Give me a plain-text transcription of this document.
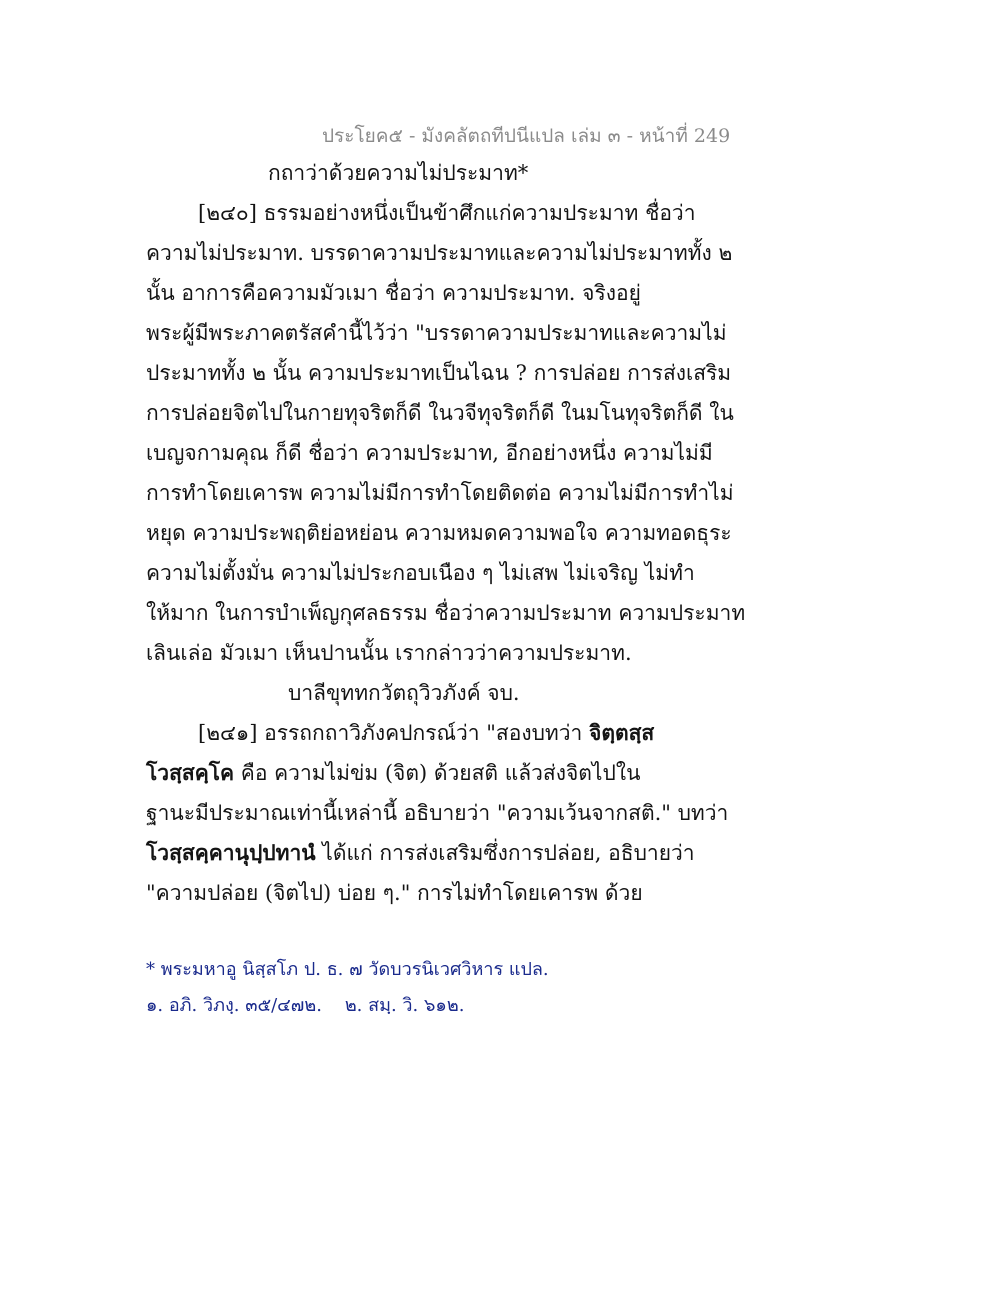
ประโยค๕ - มังคลัตถทีปนีแปล เล่ม ๓ - หน้าที่ 249
กถาว่าด้วยความไม่ประมาท*
[๒๔๐] ธรรมอย่างหนึ่งเป็นข้าศึกแก่ความประมาท ชื่อว่า
ความไม่ประมาท. บรรดาความประมาทและความไม่ประมาททั้ง ๒
นั้น อาการคือความมัวเมา ชื่อว่า ความประมาท. จริงอยู่
พระผู้มีพระภาคตรัสคำนี้ไว้ว่า "บรรดาความประมาทและความไม่
ประมาททั้ง ๒ นั้น ความประมาทเป็นไฉน ? การปล่อย การส่งเสริม
การปล่อยจิตไปในกายทุจริตก็ดี ในวจีทุจริตก็ดี ในมโนทุจริตก็ดี ใน
เบญจกามคุณ ก็ดี ชื่อว่า ความประมาท, อีกอย่างหนึ่ง ความไม่มี
การทำโดยเคารพ ความไม่มีการทำโดยติดต่อ ความไม่มีการทำไม่
หยุด ความประพฤติย่อหย่อน ความหมดความพอใจ ความทอดธุระ
ความไม่ตั้งมั่น ความไม่ประกอบเนือง ๆ ไม่เสพ ไม่เจริญ ไม่ทำ
ให้มาก ในการบำเพ็ญกุศลธรรม ชื่อว่าความประมาท ความประมาท
เลินเล่อ มัวเมา เห็นปานนั้น เรากล่าวว่าความประมาท.
บาลีขุททกวัตถุวิวภังค์ จบ.
[๒๔๑] อรรถกถาวิภังคปกรณ์ว่า "สองบทว่า จิตฺตสฺส
โวสฺสคฺโค คือ ความไม่ข่ม (จิต) ด้วยสติ แล้วส่งจิตไปใน
ฐานะมีประมาณเท่านี้เหล่านี้ อธิบายว่า "ความเว้นจากสติ." บทว่า
โวสฺสคฺคานุปฺปทานํ ได้แก่ การส่งเสริมซึ่งการปล่อย, อธิบายว่า
"ความปล่อย (จิตไป) บ่อย ๆ." การไม่ทำโดยเคารพ ด้วย
* พระมหาอู นิสฺสโภ ป. ธ. ๗ วัดบวรนิเวศวิหาร แปล.
๑. อภิ. วิภงฺ. ๓๕/๔๗๒.    ๒. สมฺ. วิ. ๖๑๒.
